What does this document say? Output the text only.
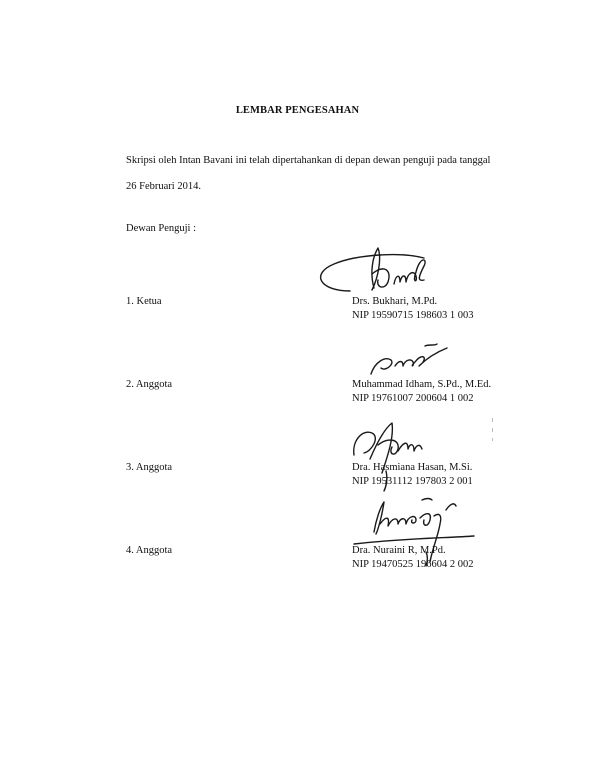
LEMBAR PENGESAHAN
Skripsi oleh Intan Bavani ini telah dipertahankan di depan dewan penguji pada tanggal
26 Februari 2014.
Dewan Penguji :
1. Ketua	Drs. Bukhari, M.Pd.
NIP 19590715 198603 1 003
2. Anggota	Muhammad Idham, S.Pd., M.Ed.
NIP 19761007 200604 1 002
3. Anggota	Dra. Hasmiana Hasan, M.Si.
NIP 19531112 197803 2 001
4. Anggota	Dra. Nuraini R, M.Pd.
NIP 19470525 196604 2 002
